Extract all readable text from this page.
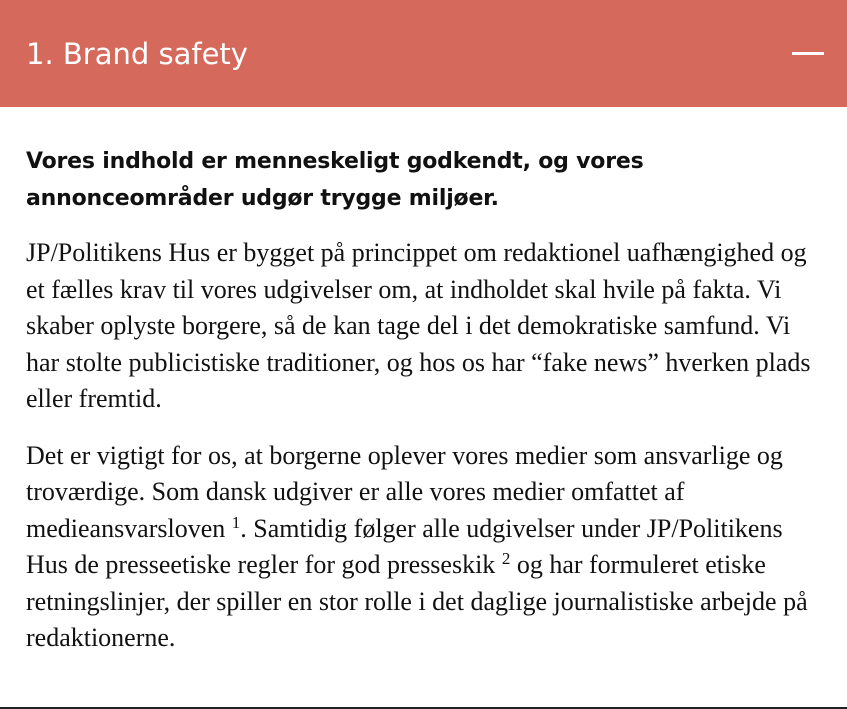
1. Brand safety

Vores indhold er menneskeligt godkendt, og vores annonceområder udgør trygge miljøer.

JP/Politikens Hus er bygget på princippet om redaktionel uafhængighed og et fælles krav til vores udgivelser om, at indholdet skal hvile på fakta. Vi skaber oplyste borgere, så de kan tage del i det demokratiske samfund. Vi har stolte publicistiske traditioner, og hos os har “fake news” hverken plads eller fremtid.

Det er vigtigt for os, at borgerne oplever vores medier som ansvarlige og troværdige. Som dansk udgiver er alle vores medier omfattet af medieansvarsloven $^1$. Samtidig følger alle udgivelser under JP/Politikens Hus de presseetiske regler for god presseskik $^2$ og har formuleret etiske retningslinjer, der spiller en stor rolle i det daglige journalistiske arbejde på redaktionerne.
